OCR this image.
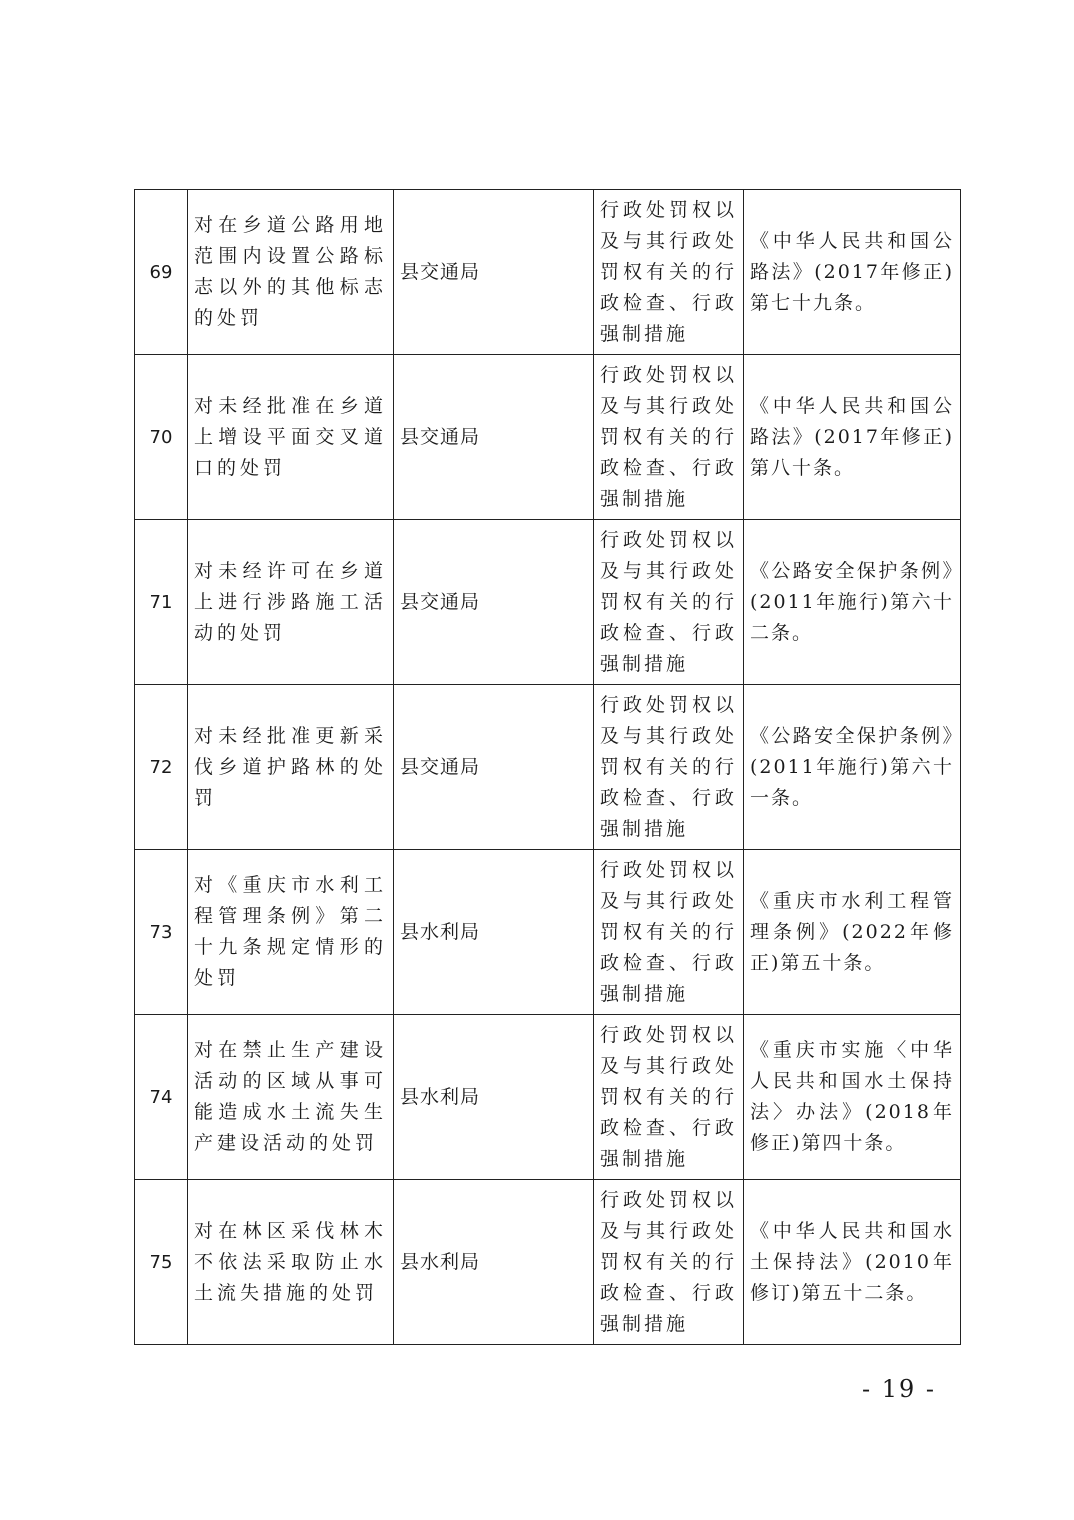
69	对在乡道公路用地范围内设置公路标志以外的其他标志的处罚	县交通局	行政处罚权以及与其行政处罚权有关的行政检查、行政强制措施	《中华人民共和国公路法》(2017年修正)第七十九条。
70	对未经批准在乡道上增设平面交叉道口的处罚	县交通局	行政处罚权以及与其行政处罚权有关的行政检查、行政强制措施	《中华人民共和国公路法》(2017年修正)第八十条。
71	对未经许可在乡道上进行涉路施工活动的处罚	县交通局	行政处罚权以及与其行政处罚权有关的行政检查、行政强制措施	《公路安全保护条例》(2011年施行)第六十二条。
72	对未经批准更新采伐乡道护路林的处罚	县交通局	行政处罚权以及与其行政处罚权有关的行政检查、行政强制措施	《公路安全保护条例》(2011年施行)第六十一条。
73	对《重庆市水利工程管理条例》第二十九条规定情形的处罚	县水利局	行政处罚权以及与其行政处罚权有关的行政检查、行政强制措施	《重庆市水利工程管理条例》(2022年修正)第五十条。
74	对在禁止生产建设活动的区域从事可能造成水土流失生产建设活动的处罚	县水利局	行政处罚权以及与其行政处罚权有关的行政检查、行政强制措施	《重庆市实施〈中华人民共和国水土保持法〉办法》(2018年修正)第四十条。
75	对在林区采伐林木不依法采取防止水土流失措施的处罚	县水利局	行政处罚权以及与其行政处罚权有关的行政检查、行政强制措施	《中华人民共和国水土保持法》(2010年修订)第五十二条。
- 19 -
